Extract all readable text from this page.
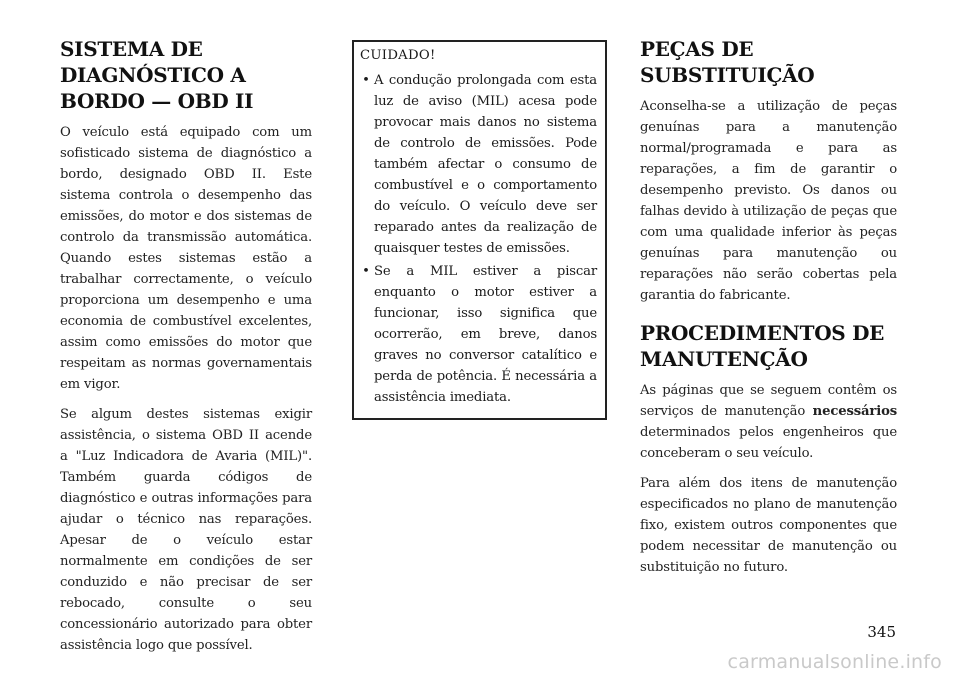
SISTEMA DE DIAGNÓSTICO A BORDO — OBD II

O veículo está equipado com um sofisticado sistema de diagnóstico a bordo, designado OBD II. Este sistema controla o desempenho das emissões, do motor e dos sistemas de controlo da transmissão automática. Quando estes sistemas estão a trabalhar correctamente, o veículo proporciona um desempenho e uma economia de combustível excelentes, assim como emissões do motor que respeitam as normas governamentais em vigor.

Se algum destes sistemas exigir assistência, o sistema OBD II acende a "Luz Indicadora de Avaria (MIL)". Também guarda códigos de diagnóstico e outras informações para ajudar o técnico nas reparações. Apesar de o veículo estar normalmente em condições de ser conduzido e não precisar de ser rebocado, consulte o seu concessionário autorizado para obter assistência logo que possível.

CUIDADO!
• A condução prolongada com esta luz de aviso (MIL) acesa pode provocar mais danos no sistema de controlo de emissões. Pode também afectar o consumo de combustível e o comportamento do veículo. O veículo deve ser reparado antes da realização de quaisquer testes de emissões.
• Se a MIL estiver a piscar enquanto o motor estiver a funcionar, isso significa que ocorrerão, em breve, danos graves no conversor catalítico e perda de potência. É necessária a assistência imediata.
PEÇAS DE SUBSTITUIÇÃO

Aconselha-se a utilização de peças genuínas para a manutenção normal/programada e para as reparações, a fim de garantir o desempenho previsto. Os danos ou falhas devido à utilização de peças que com uma qualidade inferior às peças genuínas para manutenção ou reparações não serão cobertas pela garantia do fabricante.

PROCEDIMENTOS DE MANUTENÇÃO

As páginas que se seguem contêm os serviços de manutenção necessários determinados pelos engenheiros que conceberam o seu veículo.

Para além dos itens de manutenção especificados no plano de manutenção fixo, existem outros componentes que podem necessitar de manutenção ou substituição no futuro.

345
carmanualsonline.info
